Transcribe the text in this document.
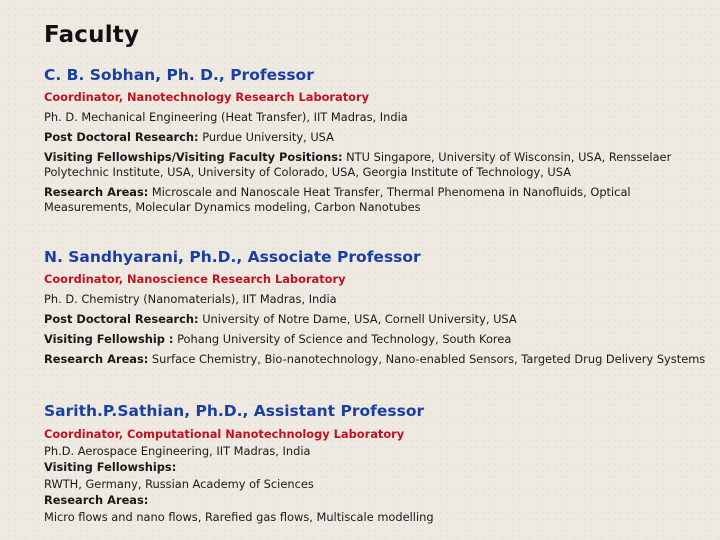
Faculty
C. B. Sobhan, Ph. D., Professor
Coordinator, Nanotechnology Research Laboratory
Ph. D. Mechanical Engineering (Heat Transfer), IIT Madras, India
Post Doctoral Research: Purdue University, USA
Visiting Fellowships/Visiting Faculty Positions: NTU Singapore, University of Wisconsin, USA, Rensselaer Polytechnic Institute, USA, University of Colorado, USA, Georgia Institute of Technology, USA
Research Areas: Microscale and Nanoscale Heat Transfer, Thermal Phenomena in Nanofluids, Optical Measurements, Molecular Dynamics modeling, Carbon Nanotubes
N. Sandhyarani, Ph.D., Associate Professor
Coordinator, Nanoscience Research Laboratory
Ph. D. Chemistry (Nanomaterials), IIT Madras, India
Post Doctoral Research: University of Notre Dame, USA, Cornell University, USA
Visiting Fellowship : Pohang University of Science and Technology, South Korea
Research Areas: Surface Chemistry, Bio-nanotechnology, Nano-enabled Sensors, Targeted Drug Delivery Systems
Sarith.P.Sathian, Ph.D., Assistant Professor
Coordinator, Computational Nanotechnology Laboratory
Ph.D. Aerospace Engineering, IIT Madras, India
Visiting Fellowships:
RWTH, Germany, Russian Academy of Sciences
Research Areas:
Micro flows and nano flows, Rarefied gas flows, Multiscale modelling
